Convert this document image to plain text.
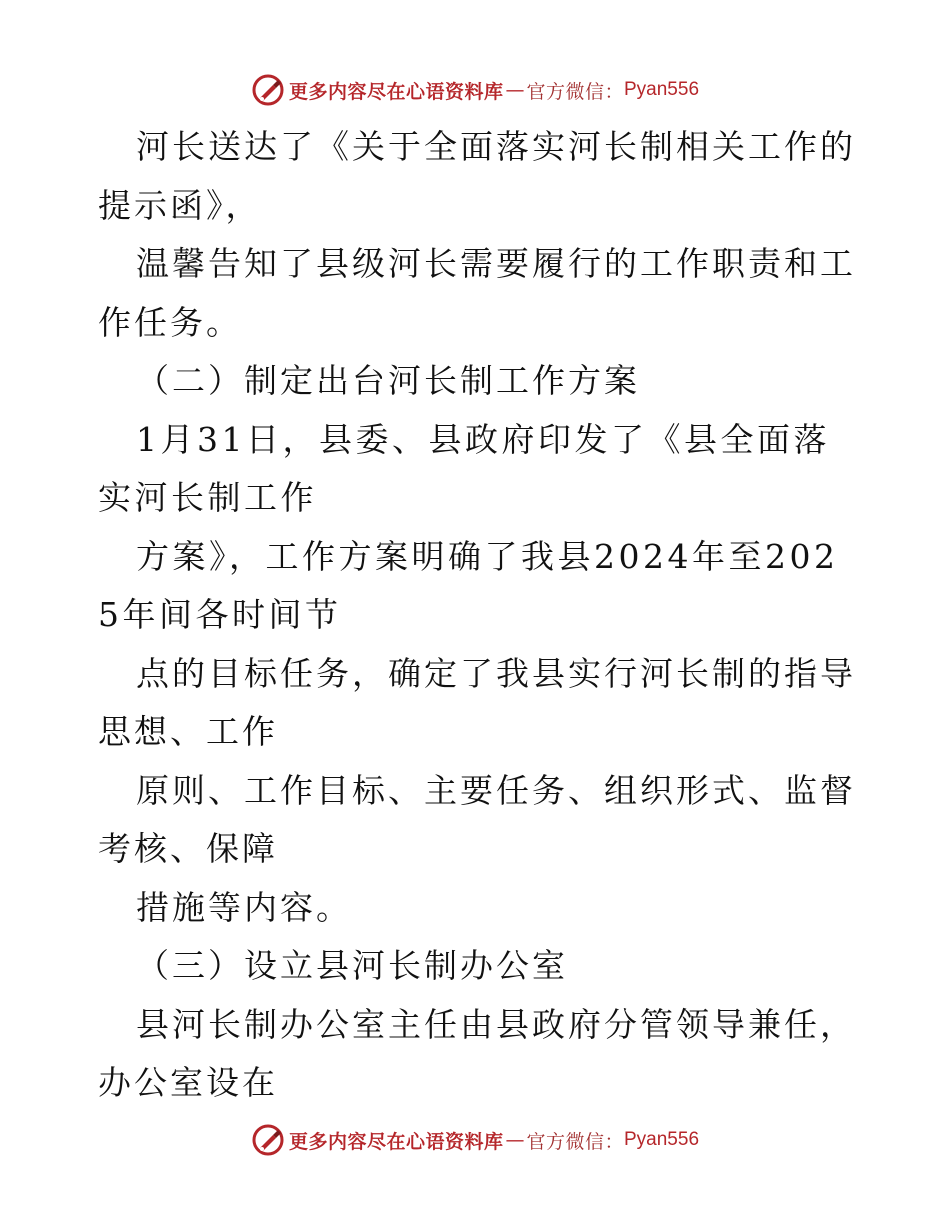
更多内容尽在心语资料库 — 官方微信： Pyan556

河长送达了《关于全面落实河长制相关工作的提示函》，

温馨告知了县级河长需要履行的工作职责和工作任务。

（二）制定出台河长制工作方案

1月31日，县委、县政府印发了《县全面落实河长制工作

方案》，工作方案明确了我县2024年至2025年间各时间节

点的目标任务，确定了我县实行河长制的指导思想、工作

原则、工作目标、主要任务、组织形式、监督考核、保障

措施等内容。

（三）设立县河长制办公室

县河长制办公室主任由县政府分管领导兼任，办公室设在

更多内容尽在心语资料库 — 官方微信： Pyan556
